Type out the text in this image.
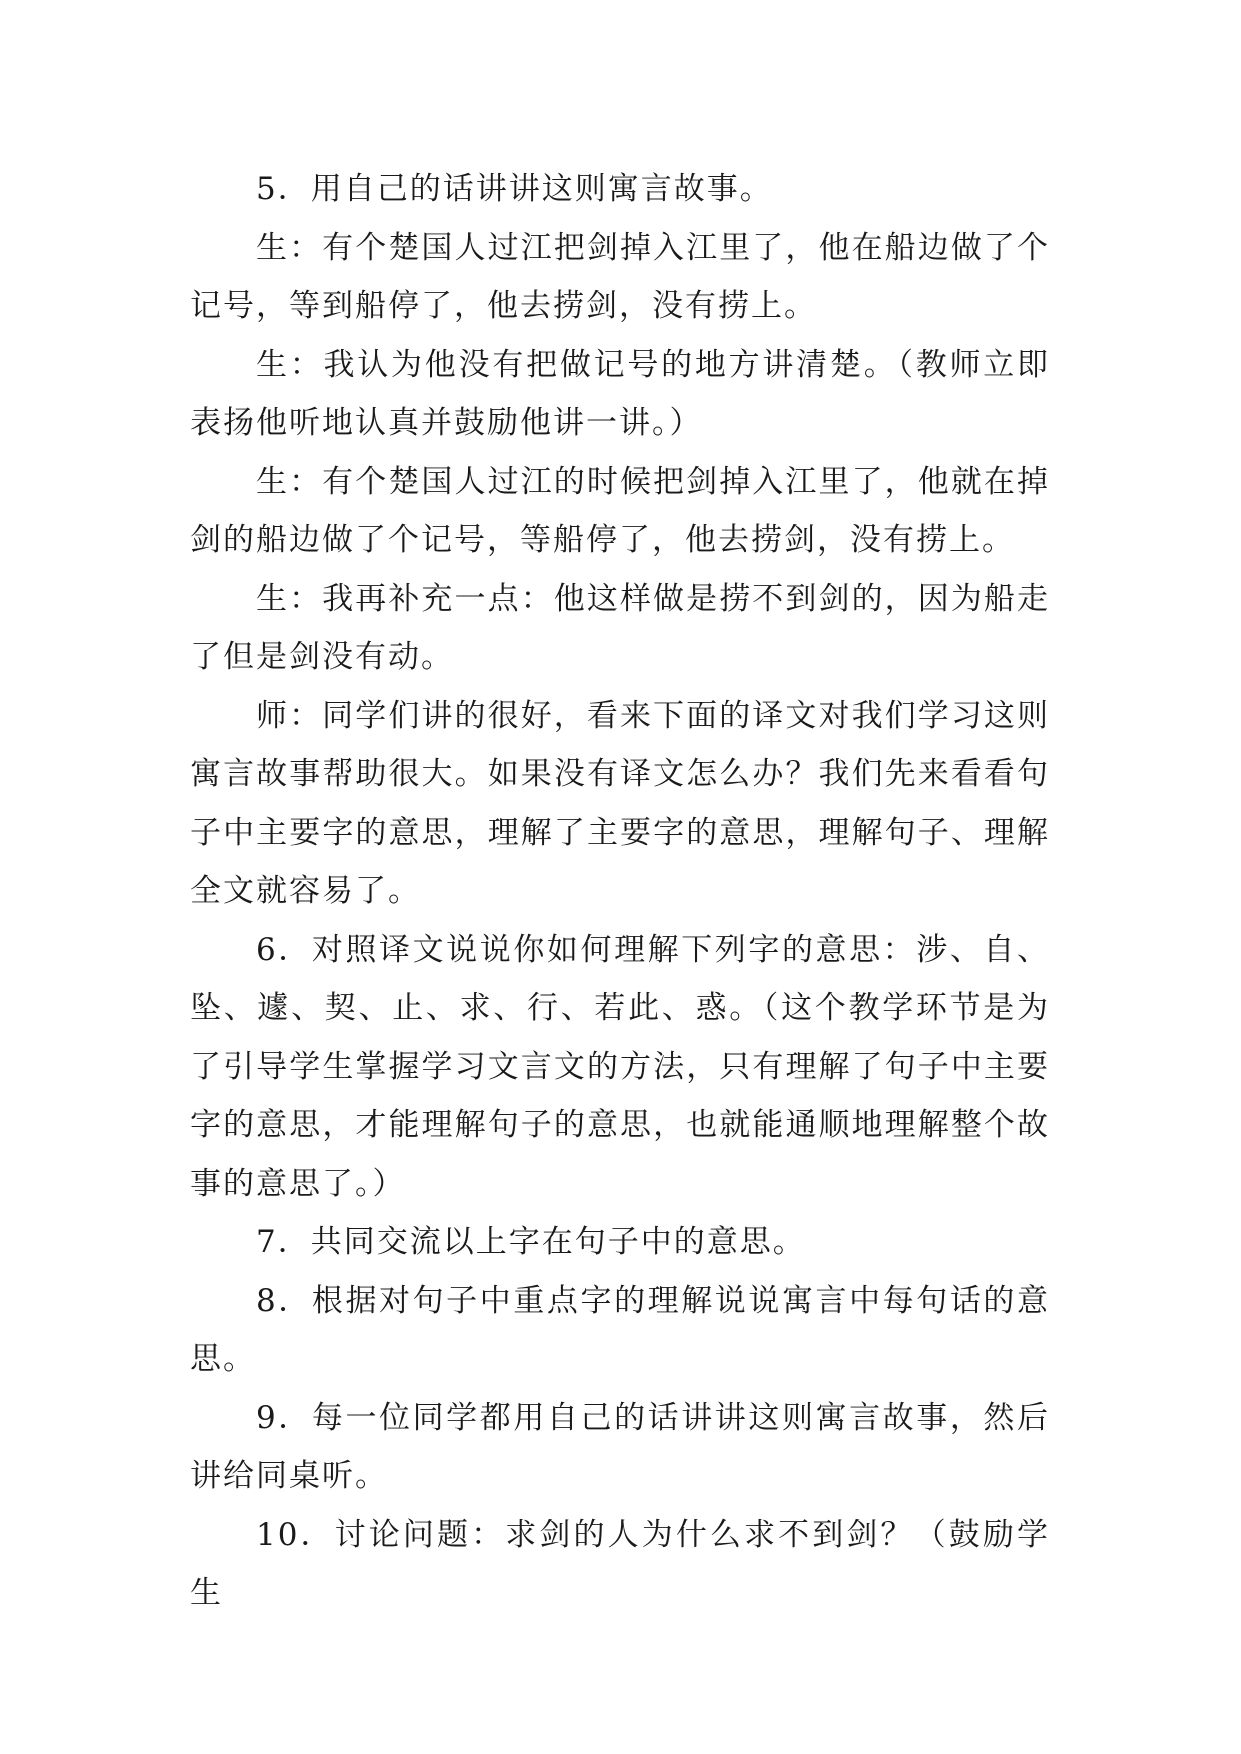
5．用自己的话讲讲这则寓言故事。

生：有个楚国人过江把剑掉入江里了，他在船边做了个记号，等到船停了，他去捞剑，没有捞上。

生：我认为他没有把做记号的地方讲清楚。（教师立即表扬他听地认真并鼓励他讲一讲。）

生：有个楚国人过江的时候把剑掉入江里了，他就在掉剑的船边做了个记号，等船停了，他去捞剑，没有捞上。

生：我再补充一点：他这样做是捞不到剑的，因为船走了但是剑没有动。

师：同学们讲的很好，看来下面的译文对我们学习这则寓言故事帮助很大。如果没有译文怎么办？我们先来看看句子中主要字的意思，理解了主要字的意思，理解句子、理解全文就容易了。

6．对照译文说说你如何理解下列字的意思：涉、自、坠、遽、契、止、求、行、若此、惑。（这个教学环节是为了引导学生掌握学习文言文的方法，只有理解了句子中主要字的意思，才能理解句子的意思，也就能通顺地理解整个故事的意思了。）

7．共同交流以上字在句子中的意思。

8．根据对句子中重点字的理解说说寓言中每句话的意思。

9．每一位同学都用自己的话讲讲这则寓言故事，然后讲给同桌听。

10．讨论问题：求剑的人为什么求不到剑？（鼓励学生
